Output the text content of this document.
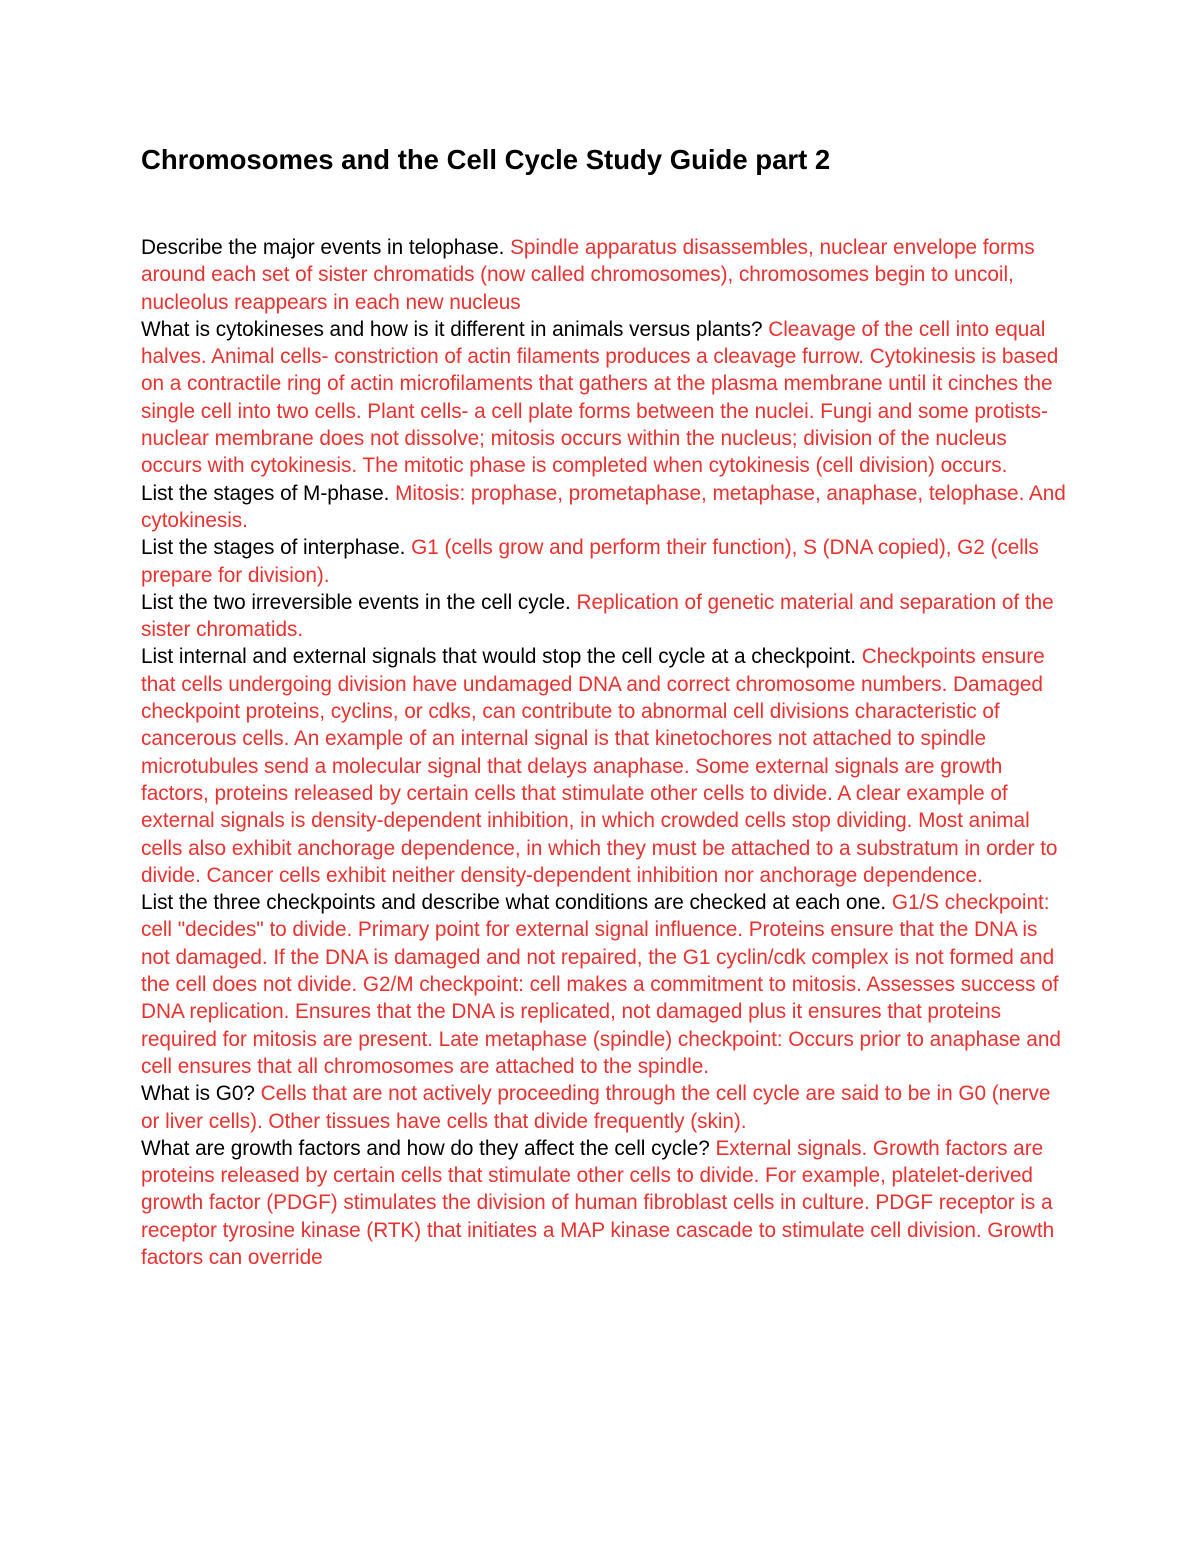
Chromosomes and the Cell Cycle Study Guide part 2

Describe the major events in telophase. Spindle apparatus disassembles, nuclear envelope forms around each set of sister chromatids (now called chromosomes), chromosomes begin to uncoil, nucleolus reappears in each new nucleus

What is cytokineses and how is it different in animals versus plants? Cleavage of the cell into equal halves. Animal cells- constriction of actin filaments produces a cleavage furrow. Cytokinesis is based on a contractile ring of actin microfilaments that gathers at the plasma membrane until it cinches the single cell into two cells. Plant cells- a cell plate forms between the nuclei. Fungi and some protists- nuclear membrane does not dissolve; mitosis occurs within the nucleus; division of the nucleus occurs with cytokinesis. The mitotic phase is completed when cytokinesis (cell division) occurs.

List the stages of M-phase. Mitosis: prophase, prometaphase, metaphase, anaphase, telophase. And cytokinesis.

List the stages of interphase. G1 (cells grow and perform their function), S (DNA copied), G2 (cells prepare for division).

List the two irreversible events in the cell cycle. Replication of genetic material and separation of the sister chromatids.

List internal and external signals that would stop the cell cycle at a checkpoint. Checkpoints ensure that cells undergoing division have undamaged DNA and correct chromosome numbers. Damaged checkpoint proteins, cyclins, or cdks, can contribute to abnormal cell divisions characteristic of cancerous cells. An example of an internal signal is that kinetochores not attached to spindle microtubules send a molecular signal that delays anaphase. Some external signals are growth factors, proteins released by certain cells that stimulate other cells to divide. A clear example of external signals is density-dependent inhibition, in which crowded cells stop dividing. Most animal cells also exhibit anchorage dependence, in which they must be attached to a substratum in order to divide. Cancer cells exhibit neither density-dependent inhibition nor anchorage dependence.

List the three checkpoints and describe what conditions are checked at each one. G1/S checkpoint: cell "decides" to divide. Primary point for external signal influence. Proteins ensure that the DNA is not damaged. If the DNA is damaged and not repaired, the G1 cyclin/cdk complex is not formed and the cell does not divide. G2/M checkpoint: cell makes a commitment to mitosis. Assesses success of DNA replication. Ensures that the DNA is replicated, not damaged plus it ensures that proteins required for mitosis are present. Late metaphase (spindle) checkpoint: Occurs prior to anaphase and cell ensures that all chromosomes are attached to the spindle.

What is G0? Cells that are not actively proceeding through the cell cycle are said to be in G0 (nerve or liver cells). Other tissues have cells that divide frequently (skin).

What are growth factors and how do they affect the cell cycle? External signals. Growth factors are proteins released by certain cells that stimulate other cells to divide. For example, platelet-derived growth factor (PDGF) stimulates the division of human fibroblast cells in culture. PDGF receptor is a receptor tyrosine kinase (RTK) that initiates a MAP kinase cascade to stimulate cell division. Growth factors can override
